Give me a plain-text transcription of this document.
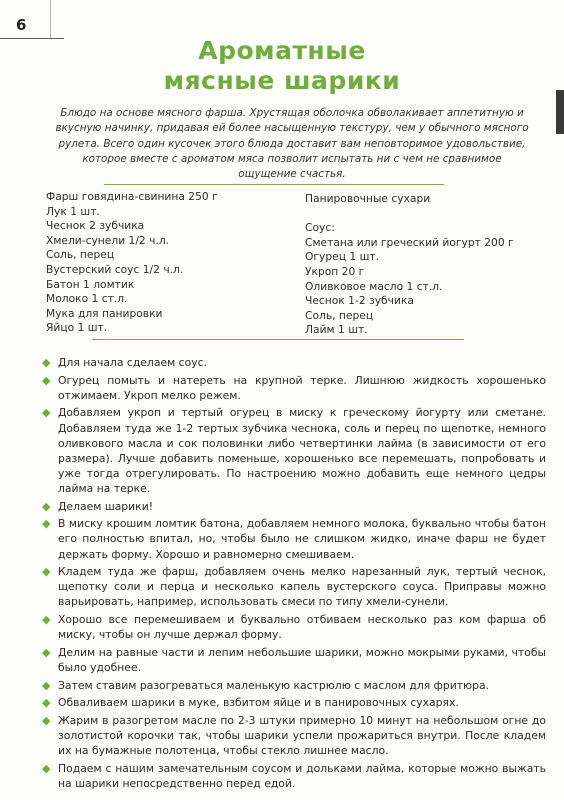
6
Ароматные
мясные шарики
Блюдо на основе мясного фарша. Хрустящая оболочка обволакивает аппетитную и вкусную начинку, придавая ей более насыщенную текстуру, чем у обычного мясного рулета. Всего один кусочек этого блюда доставит вам неповторимое удовольствие, которое вместе с ароматом мяса позволит испытать ни с чем не сравнимое ощущение счастья.
Фарш говядина-свинина 250 г
Лук 1 шт.
Чеснок 2 зубчика
Хмели-сунели 1/2 ч.л.
Соль, перец
Вустерский соус 1/2 ч.л.
Батон 1 ломтик
Молоко 1 ст.л.
Мука для панировки
Яйцо 1 шт.
Панировочные сухари
Соус:
Сметана или греческий йогурт 200 г
Огурец 1 шт.
Укроп 20 г
Оливковое масло 1 ст.л.
Чеснок 1-2 зубчика
Соль, перец
Лайм 1 шт.
◆ Для начала сделаем соус.
◆ Огурец помыть и натереть на крупной терке. Лишнюю жидкость хорошенько отжимаем. Укроп мелко режем.
◆ Добавляем укроп и тертый огурец в миску к греческому йогурту или сметане. Добавляем туда же 1-2 тертых зубчика чеснока, соль и перец по щепотке, немного оливкового масла и сок половинки либо четвертинки лайма (в зависимости от его размера). Лучше добавить поменьше, хорошенько все перемешать, попробовать и уже тогда отрегулировать. По настроению можно добавить еще немного цедры лайма на терке.
◆ Делаем шарики!
◆ В миску крошим ломтик батона, добавляем немного молока, буквально чтобы батон его полностью впитал, но, чтобы было не слишком жидко, иначе фарш не будет держать форму. Хорошо и равномерно смешиваем.
◆ Кладем туда же фарш, добавляем очень мелко нарезанный лук, тертый чеснок, щепотку соли и перца и несколько капель вустерского соуса. Приправы можно варьировать, например, использовать смеси по типу хмели-сунели.
◆ Хорошо все перемешиваем и буквально отбиваем несколько раз ком фарша об миску, чтобы он лучше держал форму.
◆ Делим на равные части и лепим небольшие шарики, можно мокрыми руками, чтобы было удобнее.
◆ Затем ставим разогреваться маленькую кастрюлю с маслом для фритюра.
◆ Обваливаем шарики в муке, взбитом яйце и в панировочных сухарях.
◆ Жарим в разогретом масле по 2-3 штуки примерно 10 минут на небольшом огне до золотистой корочки так, чтобы шарики успели прожариться внутри. После кладем их на бумажные полотенца, чтобы стекло лишнее масло.
◆ Подаем с нашим замечательным соусом и дольками лайма, которые можно выжать на шарики непосредственно перед едой.
